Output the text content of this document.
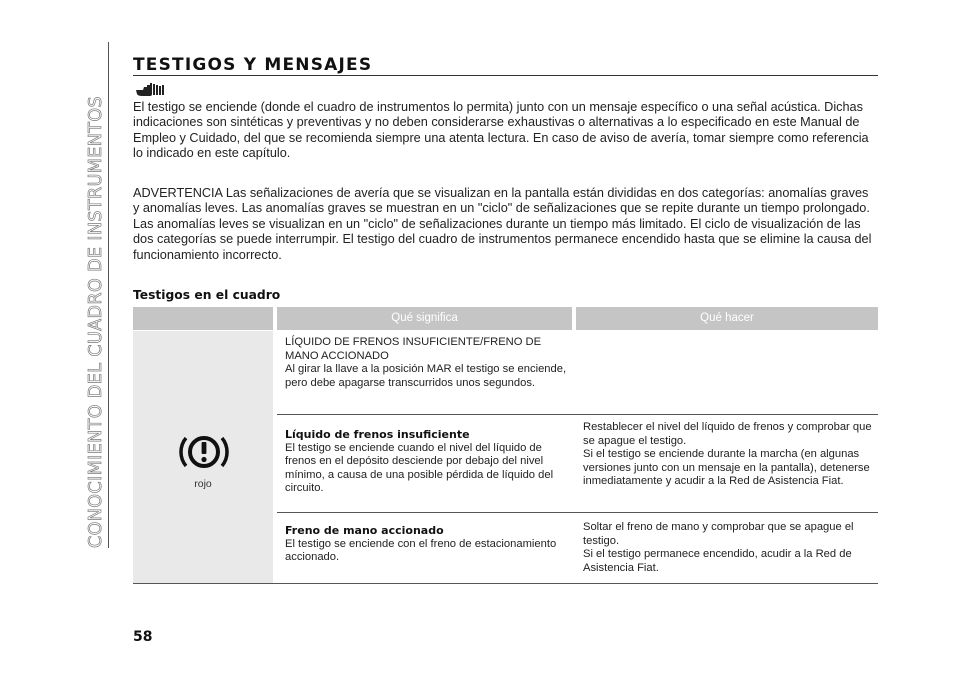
CONOCIMIENTO DEL CUADRO DE INSTRUMENTOS
TESTIGOS Y MENSAJES
El testigo se enciende (donde el cuadro de instrumentos lo permita) junto con un mensaje específico o una señal acústica. Dichas indicaciones son sintéticas y preventivas y no deben considerarse exhaustivas o alternativas a lo especificado en este Manual de Empleo y Cuidado, del que se recomienda siempre una atenta lectura. En caso de aviso de avería, tomar siempre como referencia lo indicado en este capítulo.
ADVERTENCIA Las señalizaciones de avería que se visualizan en la pantalla están divididas en dos categorías: anomalías graves y anomalías leves. Las anomalías graves se muestran en un "ciclo" de señalizaciones que se repite durante un tiempo prolongado. Las anomalías leves se visualizan en un "ciclo" de señalizaciones durante un tiempo más limitado. El ciclo de visualización de las dos categorías se puede interrumpir. El testigo del cuadro de instrumentos permanece encendido hasta que se elimine la causa del funcionamiento incorrecto.
Testigos en el cuadro
Qué significa	Qué hacer
rojo
LÍQUIDO DE FRENOS INSUFICIENTE/FRENO DE MANO ACCIONADO
Al girar la llave a la posición MAR el testigo se enciende, pero debe apagarse transcurridos unos segundos.
Líquido de frenos insuficiente
El testigo se enciende cuando el nivel del líquido de frenos en el depósito desciende por debajo del nivel mínimo, a causa de una posible pérdida de líquido del circuito.
Restablecer el nivel del líquido de frenos y comprobar que se apague el testigo.
Si el testigo se enciende durante la marcha (en algunas versiones junto con un mensaje en la pantalla), detenerse inmediatamente y acudir a la Red de Asistencia Fiat.
Freno de mano accionado
El testigo se enciende con el freno de estacionamiento accionado.
Soltar el freno de mano y comprobar que se apague el testigo.
Si el testigo permanece encendido, acudir a la Red de Asistencia Fiat.
58
